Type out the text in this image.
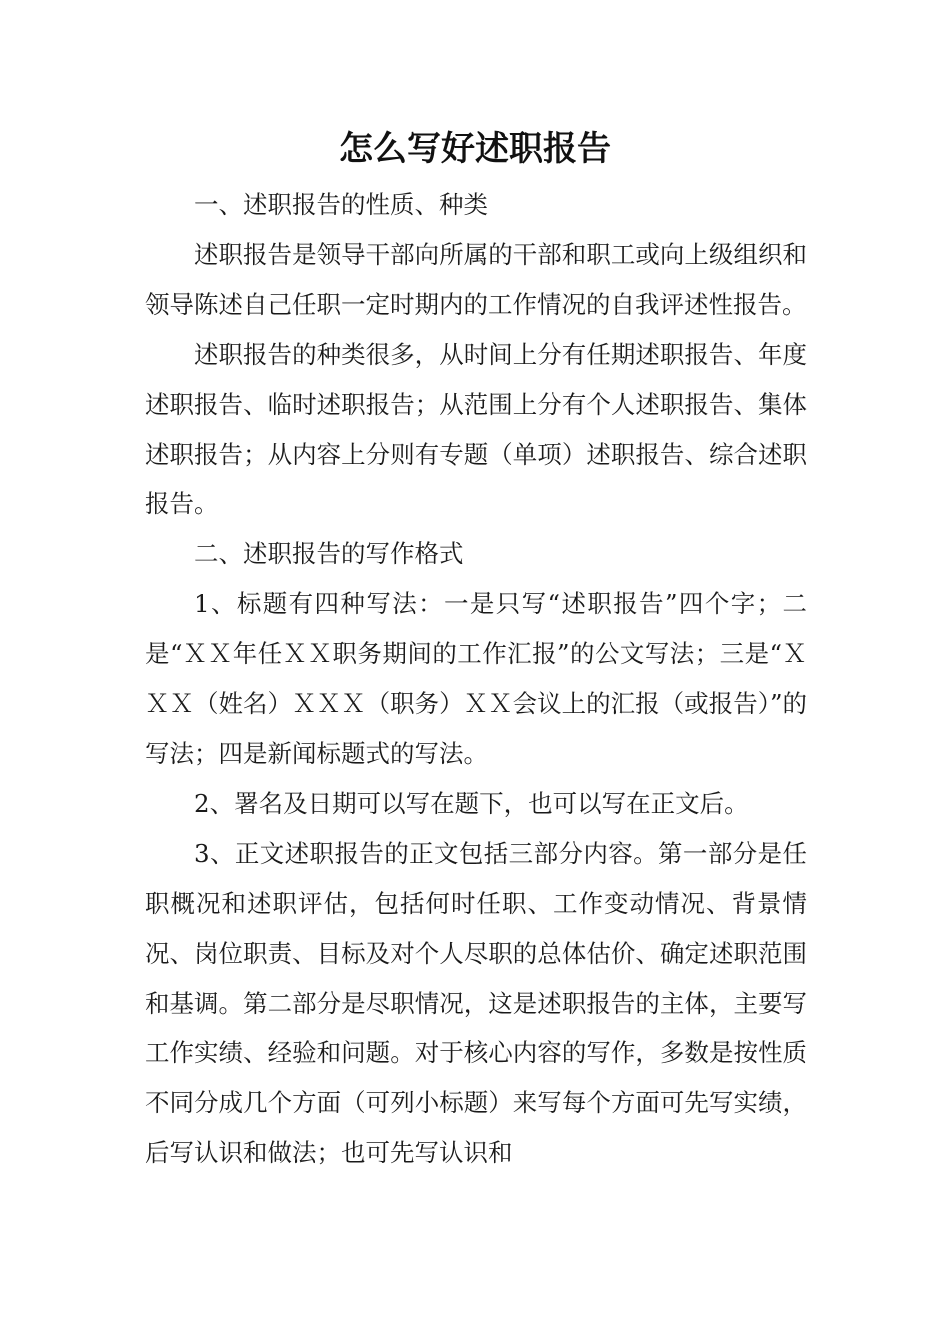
怎么写好述职报告

一、述职报告的性质、种类

述职报告是领导干部向所属的干部和职工或向上级组织和领导陈述自己任职一定时期内的工作情况的自我评述性报告。

述职报告的种类很多，从时间上分有任期述职报告、年度述职报告、临时述职报告；从范围上分有个人述职报告、集体述职报告；从内容上分则有专题（单项）述职报告、综合述职报告。

二、述职报告的写作格式

1、标题有四种写法：一是只写“述职报告”四个字；二是“ＸＸ年任ＸＸ职务期间的工作汇报”的公文写法；三是“ＸＸＸ（姓名）ＸＸＸ（职务）ＸＸ会议上的汇报（或报告）”的写法；四是新闻标题式的写法。

2、署名及日期可以写在题下，也可以写在正文后。

3、正文述职报告的正文包括三部分内容。第一部分是任职概况和述职评估，包括何时任职、工作变动情况、背景情况、岗位职责、目标及对个人尽职的总体估价、确定述职范围和基调。第二部分是尽职情况，这是述职报告的主体，主要写工作实绩、经验和问题。对于核心内容的写作，多数是按性质不同分成几个方面（可列小标题）来写每个方面可先写实绩，后写认识和做法；也可先写认识和
